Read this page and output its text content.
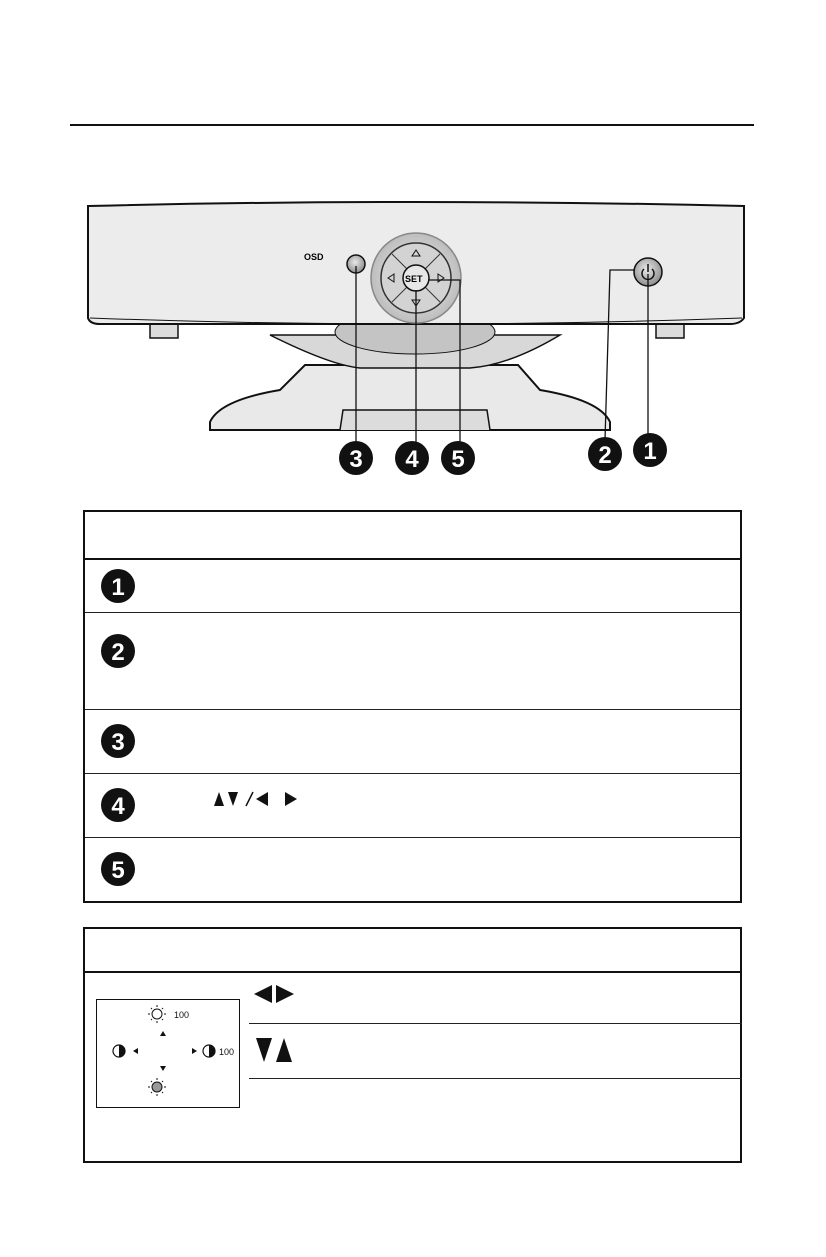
OSD
SET
3 4 5	2 1
1
2
3
4
5
100
100
